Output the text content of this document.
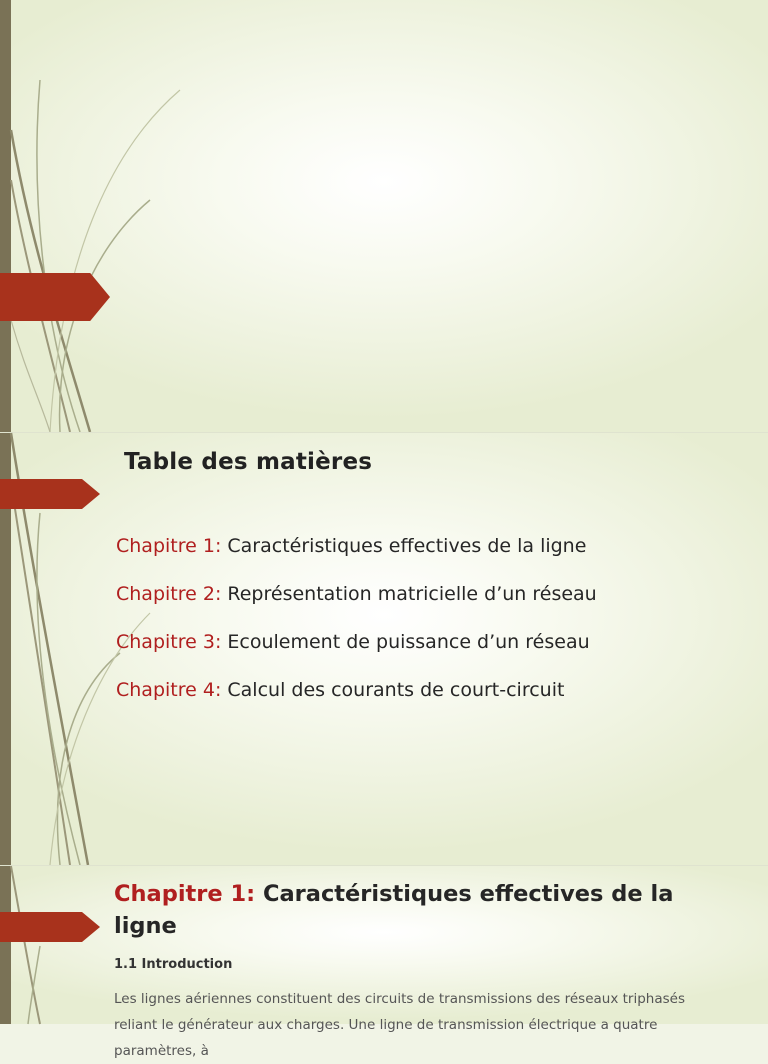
Table des matières
Chapitre 1: Caractéristiques effectives de la ligne
Chapitre 2: Représentation matricielle d’un réseau
Chapitre 3: Ecoulement de puissance d’un réseau
Chapitre 4: Calcul des courants de court-circuit
Chapitre 1: Caractéristiques effectives de la ligne

1.1 Introduction

Les lignes aériennes constituent des circuits de transmissions des réseaux triphasés reliant le générateur aux charges. Une ligne de transmission électrique a quatre paramètres, à
